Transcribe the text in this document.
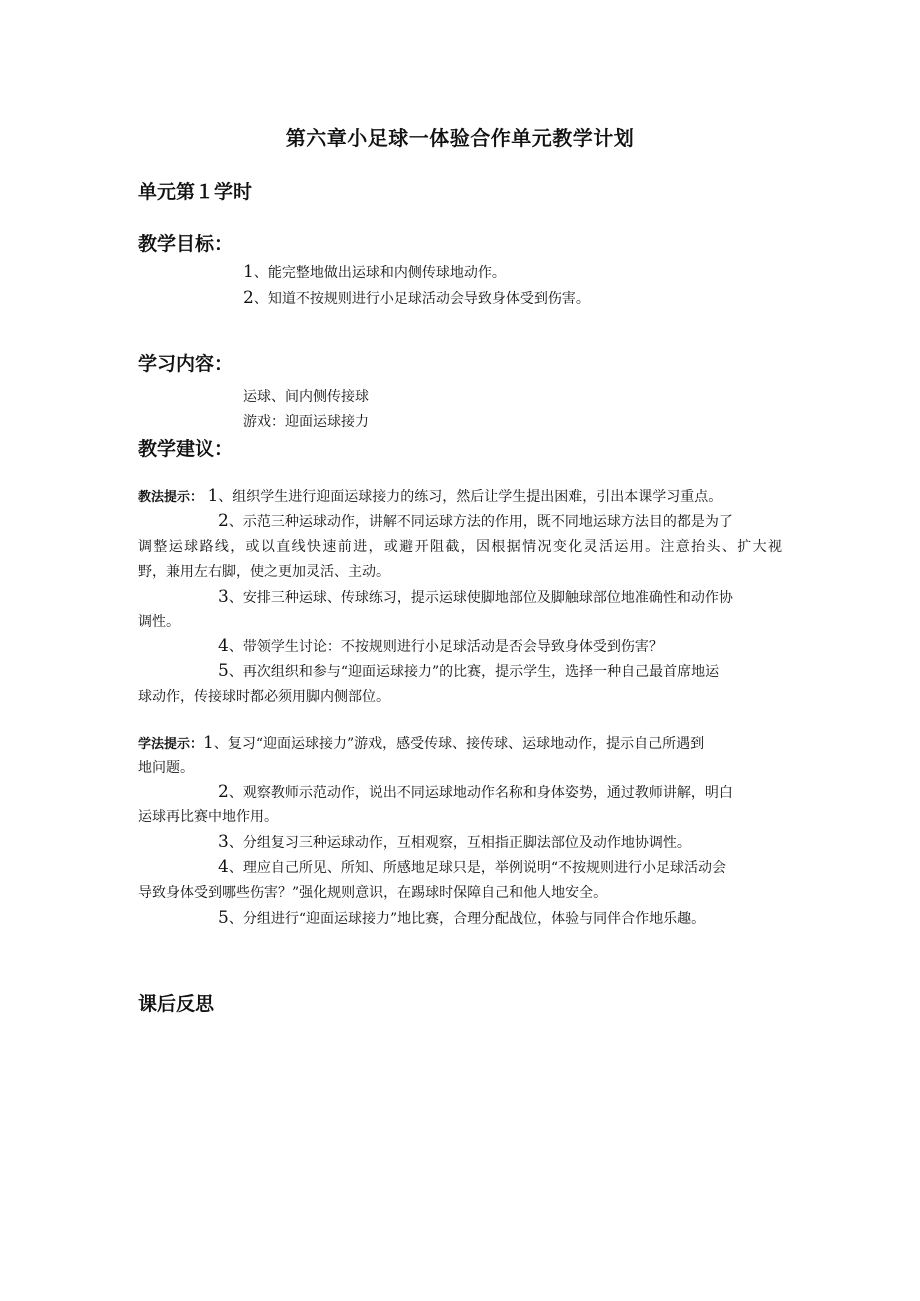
第六章小足球一体验合作单元教学计划
单元第１学时
教学目标：
1、能完整地做出运球和内侧传球地动作。
2、知道不按规则进行小足球活动会导致身体受到伤害。
学习内容：
运球、间内侧传接球
游戏：迎面运球接力
教学建议：
教法提示： 1、组织学生进行迎面运球接力的练习，然后让学生提出困难，引出本课学习重点。
2、示范三种运球动作，讲解不同运球方法的作用，既不同地运球方法目的都是为了
调整运球路线，或以直线快速前进，或避开阻截，因根据情况变化灵活运用。注意抬头、扩大视
野，兼用左右脚，使之更加灵活、主动。
3、安排三种运球、传球练习，提示运球使脚地部位及脚触球部位地准确性和动作协
调性。
4、带领学生讨论：不按规则进行小足球活动是否会导致身体受到伤害？
5、再次组织和参与“迎面运球接力”的比赛，提示学生，选择一种自己最首席地运
球动作，传接球时都必须用脚内侧部位。
学法提示：1、复习“迎面运球接力”游戏，感受传球、接传球、运球地动作，提示自己所遇到
地问题。
2、观察教师示范动作，说出不同运球地动作名称和身体姿势，通过教师讲解，明白
运球再比赛中地作用。
3、分组复习三种运球动作，互相观察，互相指正脚法部位及动作地协调性。
4、理应自己所见、所知、所感地足球只是，举例说明“不按规则进行小足球活动会
导致身体受到哪些伤害？”强化规则意识，在踢球时保障自己和他人地安全。
5、分组进行“迎面运球接力”地比赛，合理分配战位，体验与同伴合作地乐趣。
课后反思
